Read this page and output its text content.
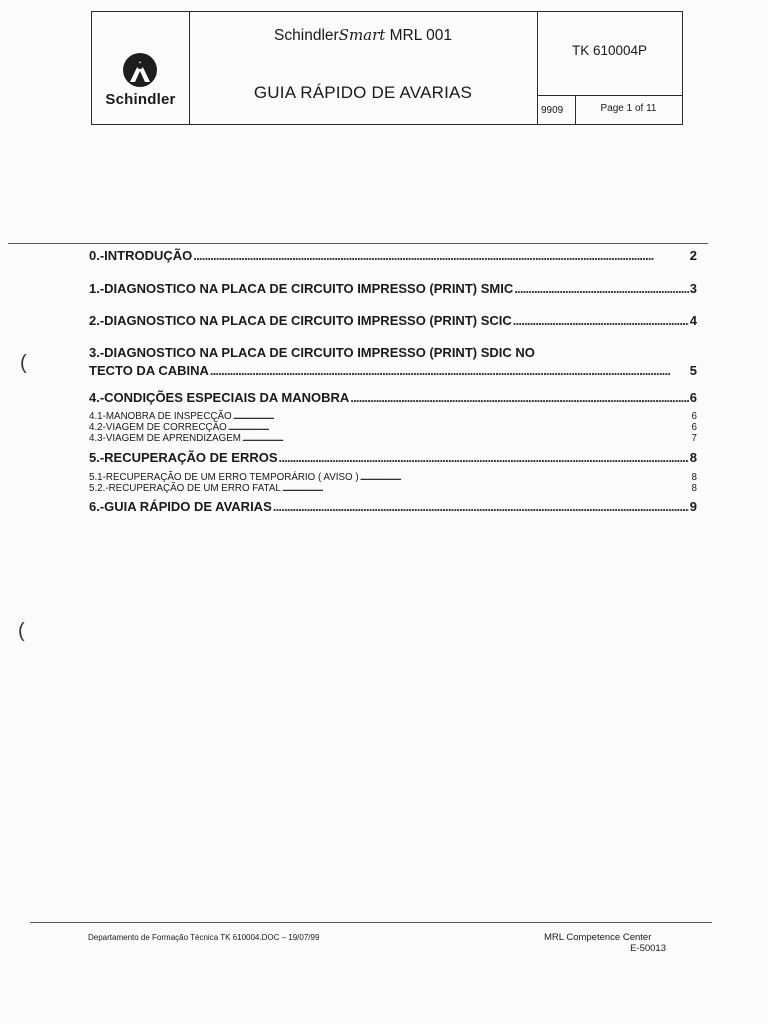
Schindler
SchindlerSmart MRL 001
GUIA RÁPIDO DE AVARIAS
TK 610004P
9909	Page 1 of 11
0.-INTRODUÇÃO . . .	2
1.-DIAGNOSTICO NA PLACA DE CIRCUITO IMPRESSO (PRINT) SMIC . . .	3
2.-DIAGNOSTICO NA PLACA DE CIRCUITO IMPRESSO (PRINT) SCIC . . .	4
3.-DIAGNOSTICO NA PLACA DE CIRCUITO IMPRESSO (PRINT) SDIC NO
TECTO DA CABINA . . .	5
4.-CONDIÇÕES ESPECIAIS DA MANOBRA . . .	6
4.1-MANOBRA DE INSPECÇÃO . . .	6
4.2-VIAGEM DE CORRECÇÃO . . .	6
4.3-VIAGEM DE APRENDIZAGEM . . .	7
5.-RECUPERAÇÃO DE ERROS . . .	8
5.1-RECUPERAÇÃO DE UM ERRO TEMPORÁRIO ( AVISO ) . . .	8
5.2.-RECUPERAÇÃO DE UM ERRO FATAL . . .	8
6.-GUIA RÁPIDO DE AVARIAS . . .	9
(
(
Departamento de Formação Técnica TK 610004.DOC – 19/07/99	MRL Competence Center
E-50013
